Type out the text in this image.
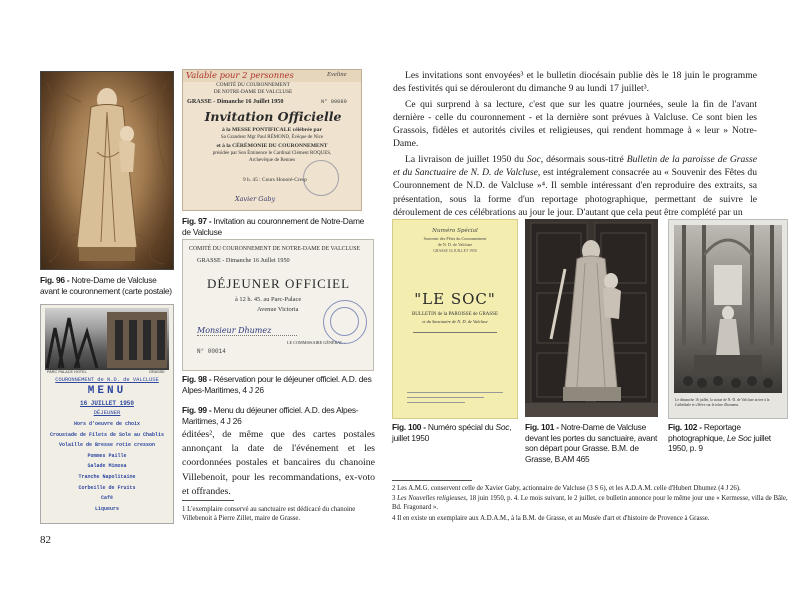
Fig. 96 - Notre-Dame de Valcluse avant le couronnement (carte postale)
Valable pour 2 personnes	Eveline
COMITÉ DU COURONNEMENT
DE NOTRE-DAME DE VALCLUSE
GRASSE - Dimanche 16 Juillet 1950	N° 00089
Invitation Officielle
à la MESSE PONTIFICALE célébrée par
Sa Grandeur Mgr Paul RÉMOND, Évêque de Nice
et à la CÉRÉMONIE DU COURONNEMENT
présidée par Son Éminence le Cardinal Clément ROQUES,
Archevêque de Rennes
9 h. 45 : Cours Honoré-Cresp
Xavier Gaby
Fig. 97 - Invitation au couronnement de Notre-Dame de Valcluse
COMITÉ DU COURONNEMENT DE NOTRE-DAME DE VALCLUSE
GRASSE - Dimanche 16 Juillet 1950
DÉJEUNER OFFICIEL
à 12 h. 45. au Parc-Palace
Avenue Victoria
Monsieur Dhumez
N° 00014
LE COMMISSAIRE GÉNÉRAL :
Fig. 98 - Réservation pour le déjeuner officiel. A.D. des Alpes-Maritimes, 4 J 26
Fig. 99 - Menu du déjeuner officiel. A.D. des Alpes-Maritimes, 4 J 26
PARC PALACE HOTEL	GRASSE
COURONNEMENT de N.D. de VALCLUSE
MENU
16 JUILLET 1950
DÉJEUNER
Hors d'oeuvre de choix
Croustade de Filets de Sole au Chablis
Volaille de Bresse rotie cresson
Pommes Paille
Salade Mimosa
Tranche Napolitaine
Corbeille de Fruits
Café
Liqueurs

éditées², de même que des cartes postales annonçant la date de l'événement et les coordonnées postales et bancaires du chanoine Villebenoit, pour les recommandations, ex-voto et offrandes.

1 L'exemplaire conservé au sanctuaire est dédicacé du chanoine Villebenoit à Pierre Zillet, maire de Grasse.

82

Les invitations sont envoyées³ et le bulletin diocésain publie dès le 18 juin le programme des festivités qui se dérouleront du dimanche 9 au lundi 17 juillet³.

Ce qui surprend à sa lecture, c'est que sur les quatre journées, seule la fin de l'avant dernière - celle du couronnement - et la dernière sont prévues à Valcluse. Ce sont bien les Grassois, fidèles et autorités civiles et religieuses, qui rendent hommage à « leur » Notre-Dame.

La livraison de juillet 1950 du Soc, désormais sous-titré Bulletin de la paroisse de Grasse et du Sanctuaire de N. D. de Valcluse, est intégralement consacrée au « Souvenir des Fêtes du Couronnement de N.D. de Valcluse »⁴. Il semble intéressant d'en reproduire des extraits, sa présentation, sous la forme d'un reportage photographique, permettant de suivre le déroulement de ces célébrations au jour le jour. D'autant que cela peut être complété par un

Numéro Spécial
Souvenir des Fêtes du Couronnement
de N. D. de Valcluse
GRASSE 16 JUILLET 1950
"LE SOC"
BULLETIN de la PAROISSE de GRASSE
et du Sanctuaire de N. D. de Valcluse
Fig. 100 - Numéro spécial du Soc, juillet 1950
Fig. 101 - Notre-Dame de Valcluse devant les portes du sanctuaire, avant son départ pour Grasse. B.M. de Grasse, B.AM 465
Le dimanche 16 juillet, la statue de N.-D. de Valcluse arrive à la Cathédrale et s'élève sur le trône d'honneur.
Fig. 102 - Reportage photographique, Le Soc juillet 1950, p. 9

2 Les A.M.G. conservent celle de Xavier Gaby, actionnaire de Valcluse (3 S 6), et les A.D.A.M. celle d'Hubert Dhumez (4 J 26).

3 Les Nouvelles religieuses, 18 juin 1950, p. 4. Le mois suivant, le 2 juillet, ce bulletin annonce pour le même jour une « Kermesse, villa de Bâle, Bd. Fragonard ».

4 Il en existe un exemplaire aux A.D.A.M., à la B.M. de Grasse, et au Musée d'art et d'histoire de Provence à Grasse.
